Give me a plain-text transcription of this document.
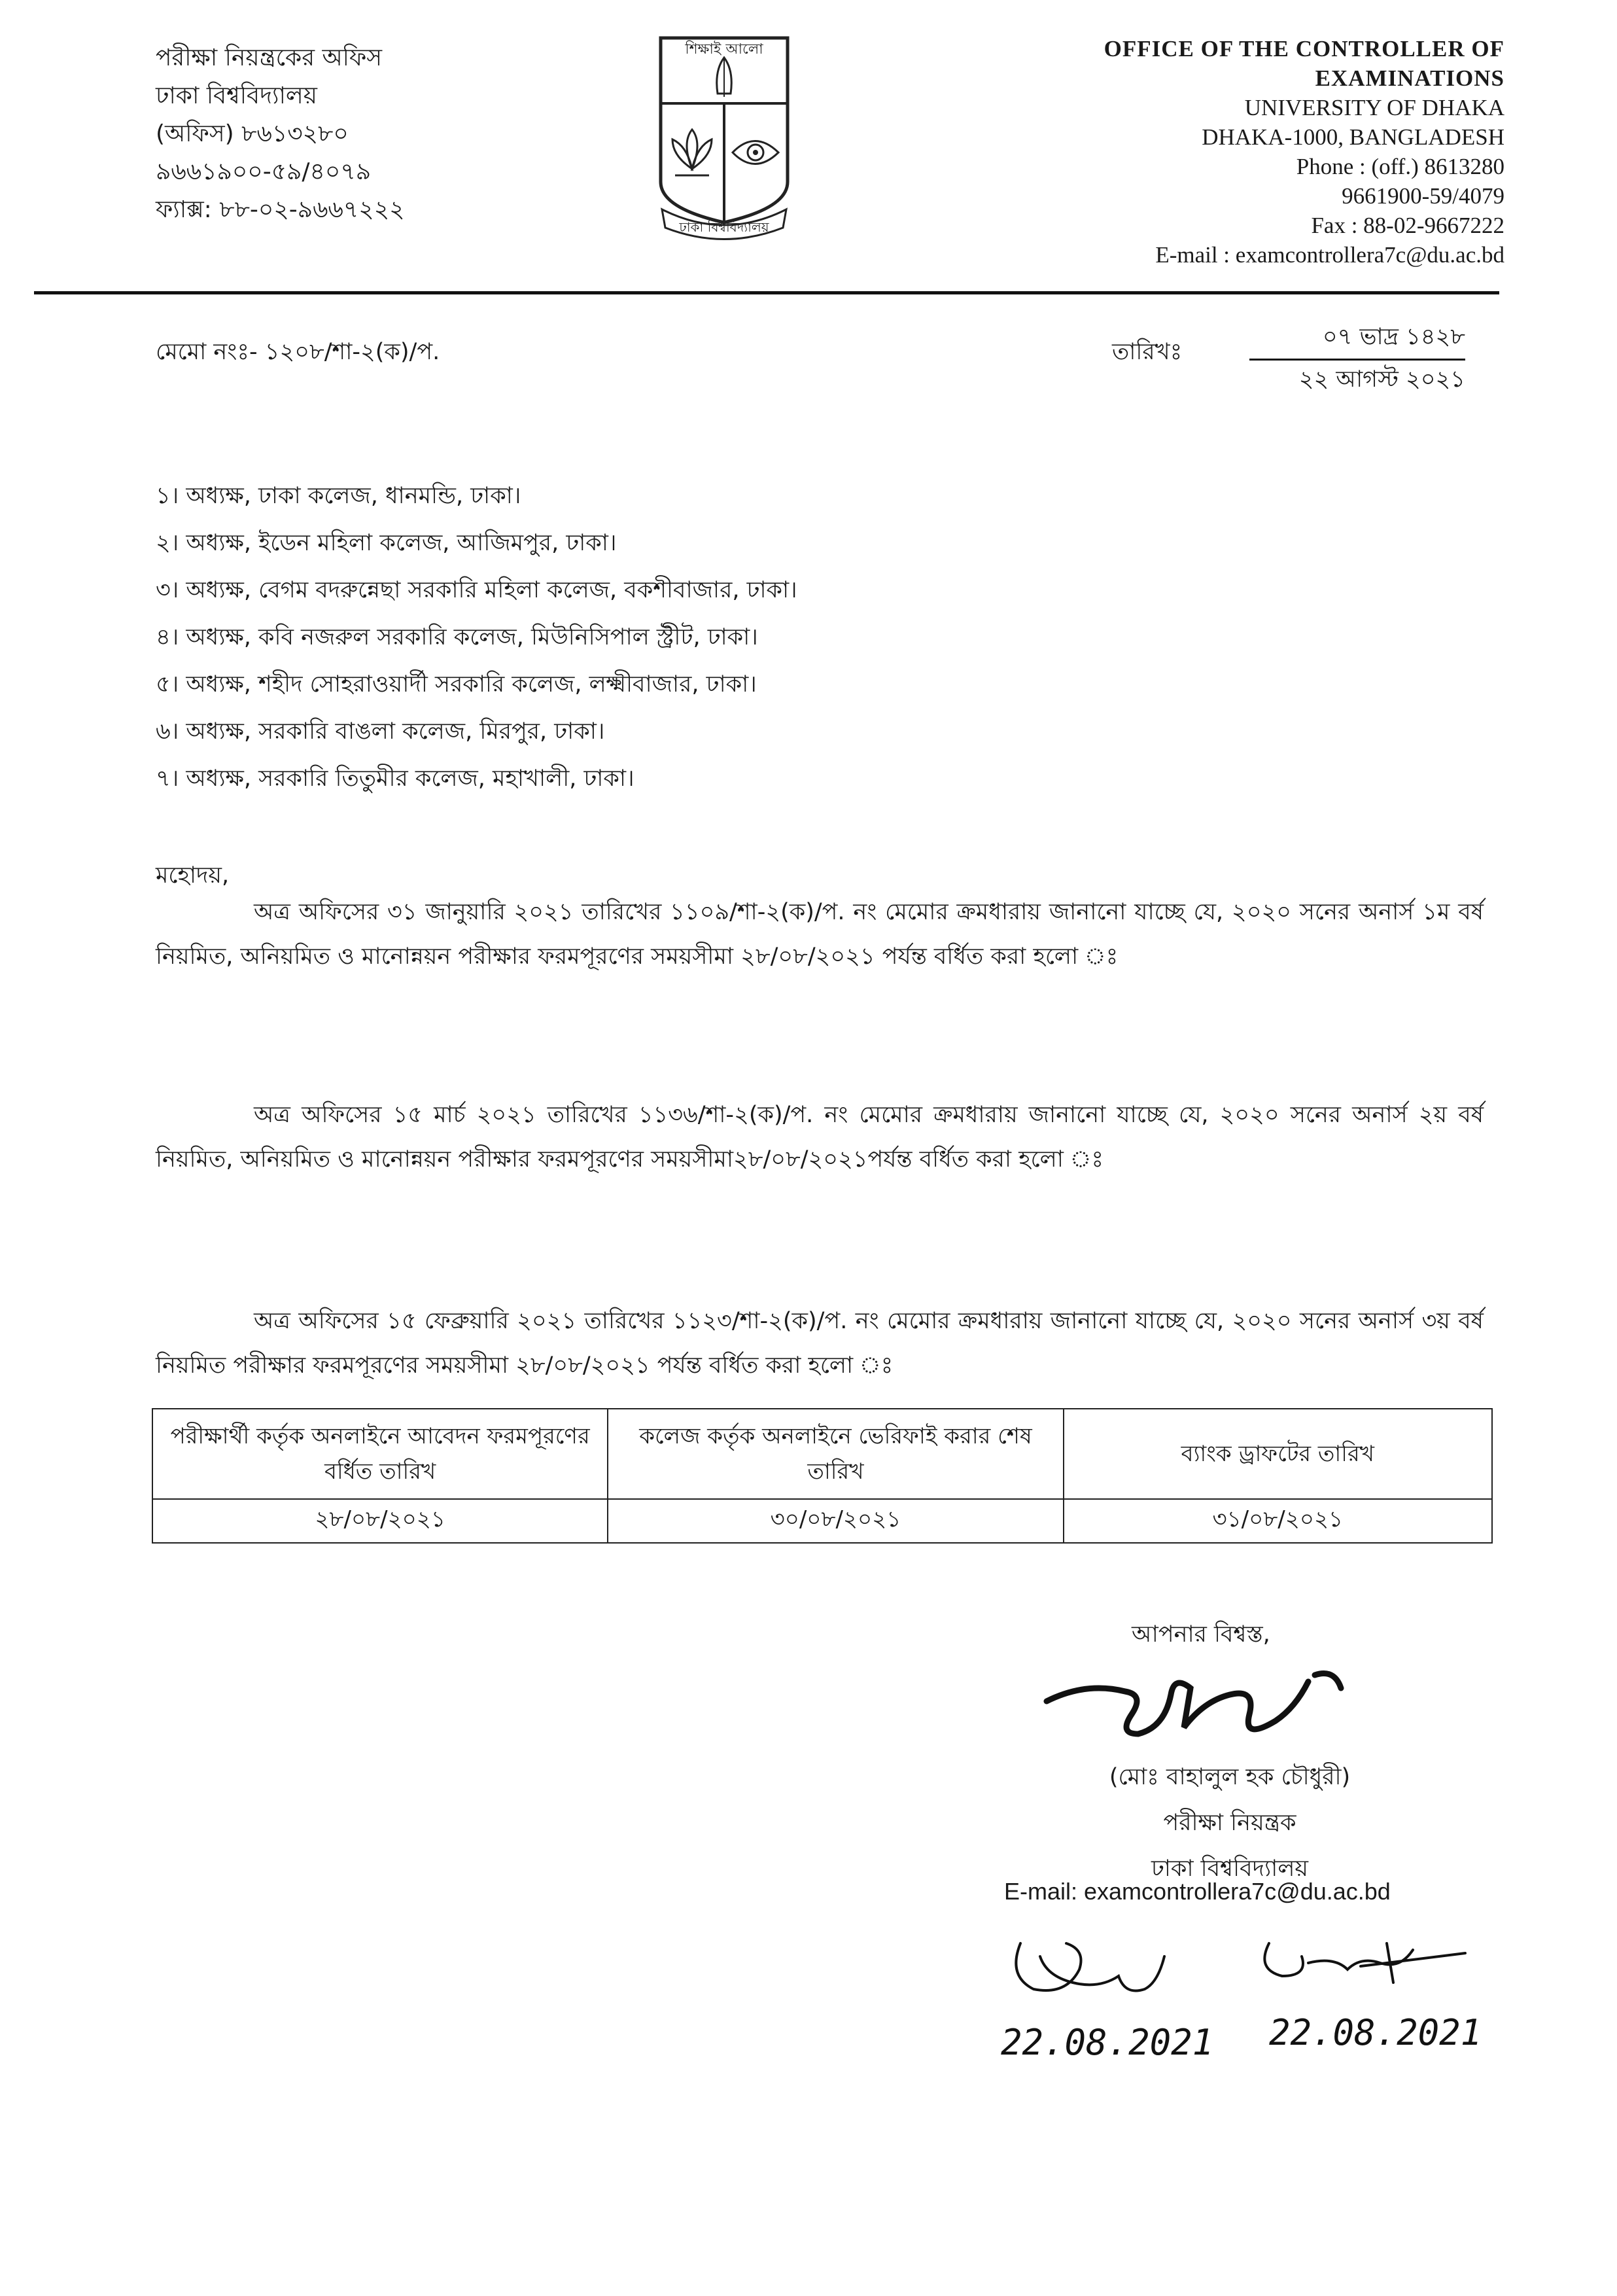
পরীক্ষা নিয়ন্ত্রকের অফিস
ঢাকা বিশ্ববিদ্যালয়
(অফিস) ৮৬১৩২৮০
৯৬৬১৯০০-৫৯/৪০৭৯
ফ্যাক্স: ৮৮-০২-৯৬৬৭২২২
শিক্ষাই আলো
ঢাকা বিশ্ববিদ্যালয়
OFFICE OF THE CONTROLLER OF
EXAMINATIONS
UNIVERSITY OF DHAKA
DHAKA-1000, BANGLADESH
Phone : (off.) 8613280
9661900-59/4079
Fax : 88-02-9667222
E-mail : examcontrollera7c@du.ac.bd
মেমো নংঃ- ১২০৮/শা-২(ক)/প.	তারিখঃ
০৭ ভাদ্র ১৪২৮
২২ আগস্ট ২০২১
১। অধ্যক্ষ, ঢাকা কলেজ, ধানমন্ডি, ঢাকা।
২। অধ্যক্ষ, ইডেন মহিলা কলেজ, আজিমপুর, ঢাকা।
৩। অধ্যক্ষ, বেগম বদরুন্নেছা সরকারি মহিলা কলেজ, বকশীবাজার, ঢাকা।
৪। অধ্যক্ষ, কবি নজরুল সরকারি কলেজ, মিউনিসিপাল স্ট্রীট, ঢাকা।
৫। অধ্যক্ষ, শহীদ সোহরাওয়ার্দী সরকারি কলেজ, লক্ষ্মীবাজার, ঢাকা।
৬। অধ্যক্ষ, সরকারি বাঙলা কলেজ, মিরপুর, ঢাকা।
৭। অধ্যক্ষ, সরকারি তিতুমীর কলেজ, মহাখালী, ঢাকা।
মহোদয়,
অত্র অফিসের ৩১ জানুয়ারি ২০২১ তারিখের ১১০৯/শা-২(ক)/প. নং মেমোর ক্রমধারায় জানানো যাচ্ছে যে, ২০২০ সনের অনার্স ১ম বর্ষ নিয়মিত, অনিয়মিত ও মানোন্নয়ন পরীক্ষার ফরমপূরণের সময়সীমা ২৮/০৮/২০২১ পর্যন্ত বর্ধিত করা হলো ঃ
অত্র অফিসের ১৫ মার্চ ২০২১ তারিখের ১১৩৬/শা-২(ক)/প. নং মেমোর ক্রমধারায় জানানো যাচ্ছে যে, ২০২০ সনের অনার্স ২য় বর্ষ নিয়মিত, অনিয়মিত ও মানোন্নয়ন পরীক্ষার ফরমপূরণের সময়সীমা২৮/০৮/২০২১পর্যন্ত বর্ধিত করা হলো ঃ
অত্র অফিসের ১৫ ফেব্রুয়ারি ২০২১ তারিখের ১১২৩/শা-২(ক)/প. নং মেমোর ক্রমধারায় জানানো যাচ্ছে যে, ২০২০ সনের অনার্স ৩য় বর্ষ নিয়মিত পরীক্ষার ফরমপূরণের সময়সীমা ২৮/০৮/২০২১ পর্যন্ত বর্ধিত করা হলো ঃ
পরীক্ষার্থী কর্তৃক অনলাইনে আবেদন ফরমপূরণের বর্ধিত তারিখ	কলেজ কর্তৃক অনলাইনে ভেরিফাই করার শেষ তারিখ	ব্যাংক ড্রাফটের তারিখ
২৮/০৮/২০২১	৩০/০৮/২০২১	৩১/০৮/২০২১
আপনার বিশ্বস্ত,
(মোঃ বাহালুল হক চৌধুরী)
পরীক্ষা নিয়ন্ত্রক
ঢাকা বিশ্ববিদ্যালয়
E-mail: examcontrollera7c@du.ac.bd
22.08.2021 22.08.2021
